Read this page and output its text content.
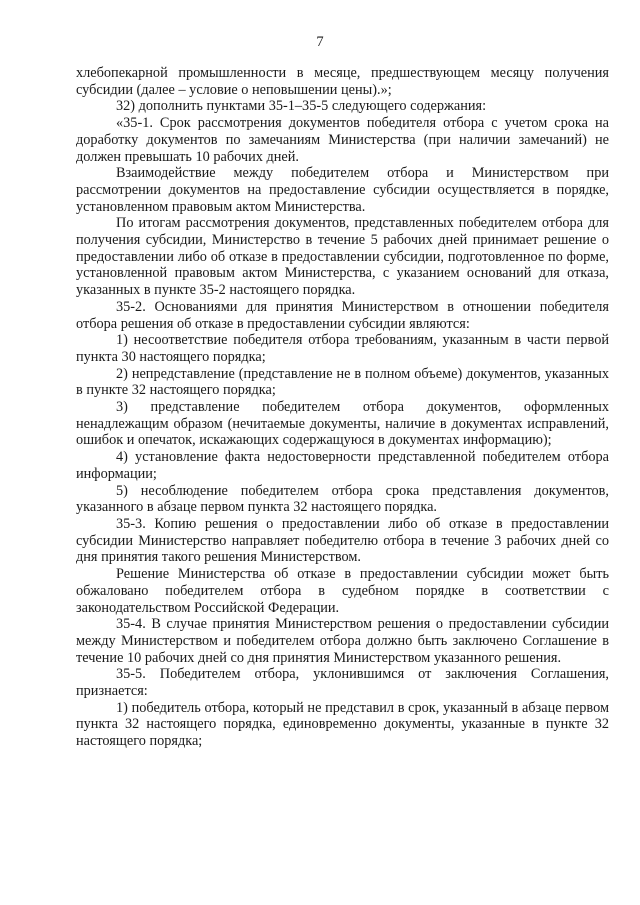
7

хлебопекарной промышленности в месяце, предшествующем месяцу получения субсидии (далее – условие о неповышении цены).»;

32) дополнить пунктами 35-1–35-5 следующего содержания:

«35-1. Срок рассмотрения документов победителя отбора с учетом срока на доработку документов по замечаниям Министерства (при наличии замечаний) не должен превышать 10 рабочих дней.

Взаимодействие между победителем отбора и Министерством при рассмотрении документов на предоставление субсидии осуществляется в порядке, установленном правовым актом Министерства.

По итогам рассмотрения документов, представленных победителем отбора для получения субсидии, Министерство в течение 5 рабочих дней принимает решение о предоставлении либо об отказе в предоставлении субсидии, подготовленное по форме, установленной правовым актом Министерства, с указанием оснований для отказа, указанных в пункте 35-2 настоящего порядка.

35-2. Основаниями для принятия Министерством в отношении победителя отбора решения об отказе в предоставлении субсидии являются:

1) несоответствие победителя отбора требованиям, указанным в части первой пункта 30 настоящего порядка;

2) непредставление (представление не в полном объеме) документов, указанных в пункте 32 настоящего порядка;

3) представление победителем отбора документов, оформленных ненадлежащим образом (нечитаемые документы, наличие в документах исправлений, ошибок и опечаток, искажающих содержащуюся в документах информацию);

4) установление факта недостоверности представленной победителем отбора информации;

5) несоблюдение победителем отбора срока представления документов, указанного в абзаце первом пункта 32 настоящего порядка.

35-3. Копию решения о предоставлении либо об отказе в предоставлении субсидии Министерство направляет победителю отбора в течение 3 рабочих дней со дня принятия такого решения Министерством.

Решение Министерства об отказе в предоставлении субсидии может быть обжаловано победителем отбора в судебном порядке в соответствии с законодательством Российской Федерации.

35-4. В случае принятия Министерством решения о предоставлении субсидии между Министерством и победителем отбора должно быть заключено Соглашение в течение 10 рабочих дней со дня принятия Министерством указанного решения.

35-5. Победителем отбора, уклонившимся от заключения Соглашения, признается:

1) победитель отбора, который не представил в срок, указанный в абзаце первом пункта 32 настоящего порядка, единовременно документы, указанные в пункте 32 настоящего порядка;
